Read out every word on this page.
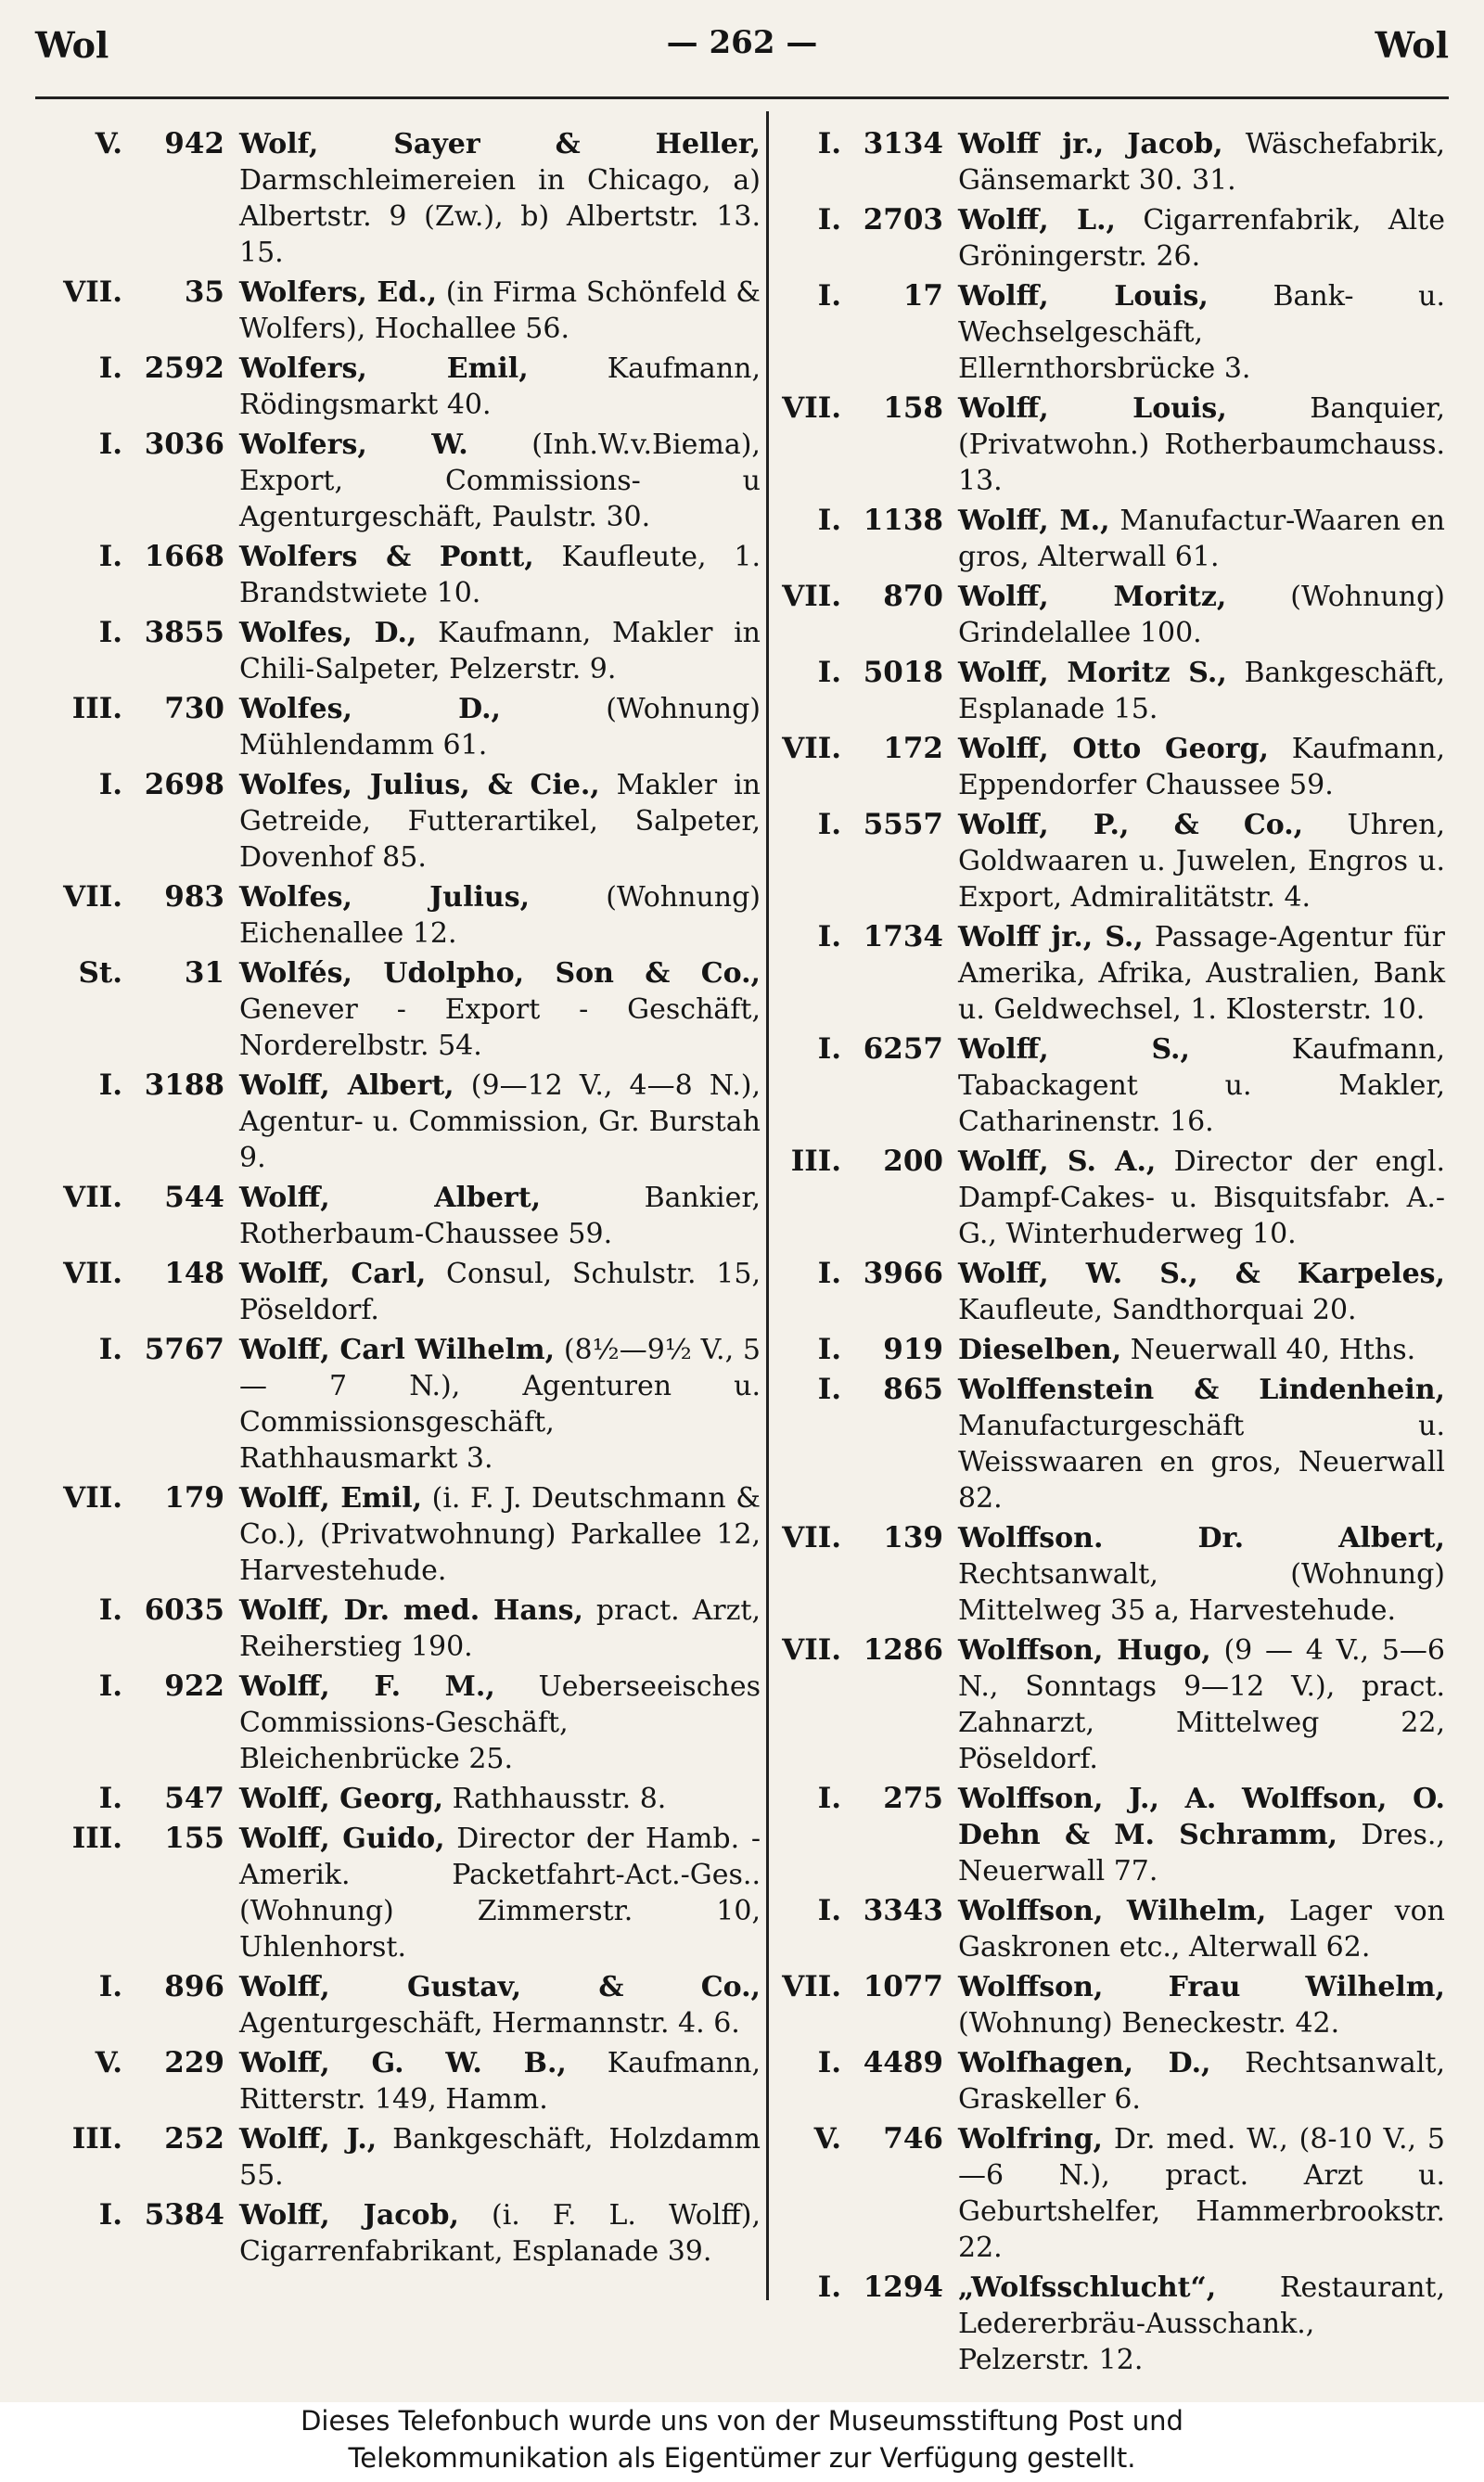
Wol	— 262 —	Wol
V.	942 Wolf, Sayer & Heller, Darmschleimereien in Chicago, a) Albertstr. 9 (Zw.), b) Albertstr. 13. 15.
VII.	35 Wolfers, Ed., (in Firma Schönfeld & Wolfers), Hochallee 56.
I. 2592 Wolfers, Emil,	Kaufmann, Rödingsmarkt 40.
I. 3036 Wolfers, W. (Inh.W.v.Biema), Export, Commissions- u Agenturgeschäft, Paulstr. 30.
I. 1668 Wolfers & Pontt, Kaufleute, 1. Brandstwiete 10.
I. 3855 Wolfes, D., Kaufmann, Makler in Chili-Salpeter, Pelzerstr. 9.
III.	730 Wolfes, D.,	(Wohnung) Mühlendamm 61.
I. 2698 Wolfes, Julius, & Cie., Makler in Getreide, Futterartikel, Salpeter, Dovenhof 85.
VII.	983 Wolfes, Julius,	(Wohnung) Eichenallee 12.
St.	31 Wolfés, Udolpho, Son & Co., Genever - Export - Geschäft, Norderelbstr. 54.
I. 3188 Wolff, Albert, (9—12 V., 4—8 N.), Agentur- u. Commission, Gr. Burstah 9.
VII.	544 Wolff, Albert,	Bankier, Rotherbaum-Chaussee 59.
VII.	148 Wolff, Carl, Consul, Schulstr. 15, Pöseldorf.
I. 5767 Wolff, Carl Wilhelm, (8½—9½ V., 5 — 7 N.), Agenturen u. Commissionsgeschäft, Rathhausmarkt 3.
VII.	179 Wolff, Emil, (i. F. J. Deutschmann & Co.), (Privatwohnung) Parkallee 12, Harvestehude.
I. 6035 Wolff, Dr. med. Hans, pract. Arzt, Reiherstieg 190.
I.	922 Wolff, F. M., Ueberseeisches Commissions-Geschäft, Bleichenbrücke 25.
I.	547 Wolff, Georg, Rathhausstr. 8.
III.	155 Wolff, Guido, Director der Hamb. - Amerik. Packetfahrt-Act.-Ges.. (Wohnung) Zimmerstr. 10, Uhlenhorst.
I.	896 Wolff, Gustav, & Co., Agenturgeschäft, Hermannstr. 4. 6.
V.	229 Wolff, G. W. B., Kaufmann, Ritterstr. 149, Hamm.
III.	252 Wolff, J., Bankgeschäft, Holzdamm 55.
I. 5384 Wolff, Jacob, (i. F. L. Wolff), Cigarrenfabrikant, Esplanade 39.
I. 3134 Wolff jr., Jacob, Wäschefabrik, Gänsemarkt 30. 31.
I. 2703 Wolff, L., Cigarrenfabrik, Alte Gröningerstr. 26.
I.	17 Wolff, Louis, Bank- u. Wechselgeschäft, Ellernthorsbrücke 3.
VII.	158 Wolff, Louis,	Banquier, (Privatwohn.) Rotherbaumchauss. 13.
I. 1138 Wolff, M., Manufactur-Waaren en gros, Alterwall 61.
VII.	870 Wolff, Moritz, (Wohnung) Grindelallee 100.
I. 5018 Wolff, Moritz S., Bankgeschäft, Esplanade 15.
VII.	172 Wolff, Otto Georg, Kaufmann, Eppendorfer Chaussee 59.
I. 5557 Wolff, P., & Co., Uhren, Goldwaaren u. Juwelen, Engros u. Export, Admiralitätstr. 4.
I. 1734 Wolff jr., S., Passage-Agentur für Amerika, Afrika, Australien, Bank u. Geldwechsel, 1. Klosterstr. 10.
I. 6257 Wolff, S.,	Kaufmann, Tabackagent u. Makler, Catharinenstr. 16.
III.	200 Wolff, S. A., Director der engl. Dampf-Cakes- u. Bisquitsfabr. A.-G., Winterhuderweg 10.
I. 3966 Wolff, W. S., & Karpeles, Kaufleute, Sandthorquai 20.
I.	919 Dieselben, Neuerwall 40, Hths.
I.	865 Wolffenstein & Lindenhein, Manufacturgeschäft u. Weisswaaren en gros, Neuerwall 82.
VII.	139 Wolffson. Dr. Albert, Rechtsanwalt, (Wohnung) Mittelweg 35 a, Harvestehude.
VII. 1286 Wolffson, Hugo, (9 — 4 V., 5—6 N., Sonntags 9—12 V.), pract. Zahnarzt, Mittelweg 22, Pöseldorf.
I.	275 Wolffson, J., A. Wolffson, O. Dehn & M. Schramm, Dres., Neuerwall 77.
I. 3343 Wolffson, Wilhelm, Lager von Gaskronen etc., Alterwall 62.
VII. 1077 Wolffson, Frau Wilhelm, (Wohnung) Beneckestr. 42.
I. 4489 Wolfhagen, D., Rechtsanwalt, Graskeller 6.
V.	746 Wolfring, Dr. med. W., (8-10 V., 5—6 N.), pract. Arzt u. Geburtshelfer, Hammerbrookstr. 22.
I. 1294 „Wolfsschlucht“, Restaurant, Ledererbräu-Ausschank., Pelzerstr. 12.
Dieses Telefonbuch wurde uns von der Museumsstiftung Post und
Telekommunikation als Eigentümer zur Verfügung gestellt.
